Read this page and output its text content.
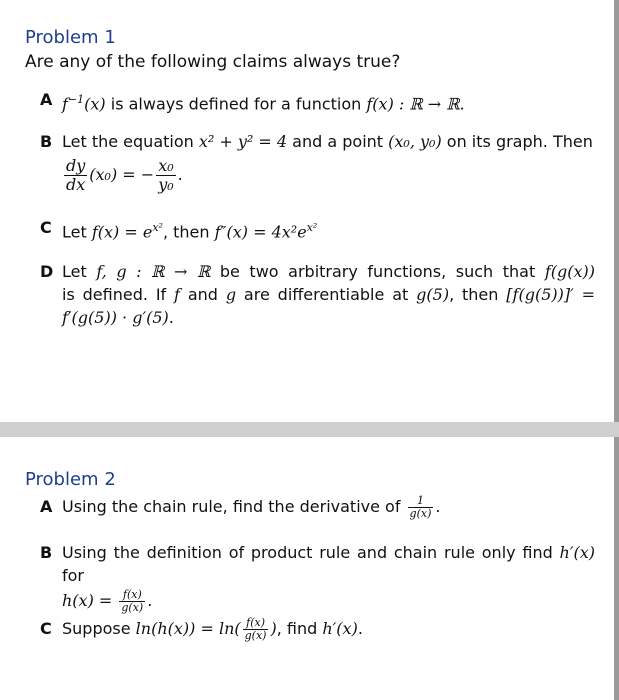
Problem 1
Are any of the following claims always true?
A $f^{-1}(x)$ is always defined for a function f(x) : ℝ → ℝ.
B Let the equation x² + y² = 4 and a point (x₀, y₀) on its graph. Then
$\frac{dy}{dx} (x_0)$ = − $\frac{\text{x₀}}{\text{y₀}}$ .
C Let $f(x) = e^{x^2}$, then $f''(x) = 4x^2e^{x^2}$
D Let f, g : ℝ → ℝ be two arbitrary functions, such that f(g(x))
is defined. If f and g are differentiable at g(5), then [f(g(5))]′ =
f′(g(5)) · g′(5).
Problem 2
A Using the chain rule, find the derivative of $\frac{1}{g(x)}$ .
B Using the definition of product rule and chain rule only find h′(x) for
$h(x) = \frac{f(x)}{g(x)}$ .
C Suppose $\ln(h(x)) = \ln( \frac{f(x)}{g(x)}$ ), find h′(x).
